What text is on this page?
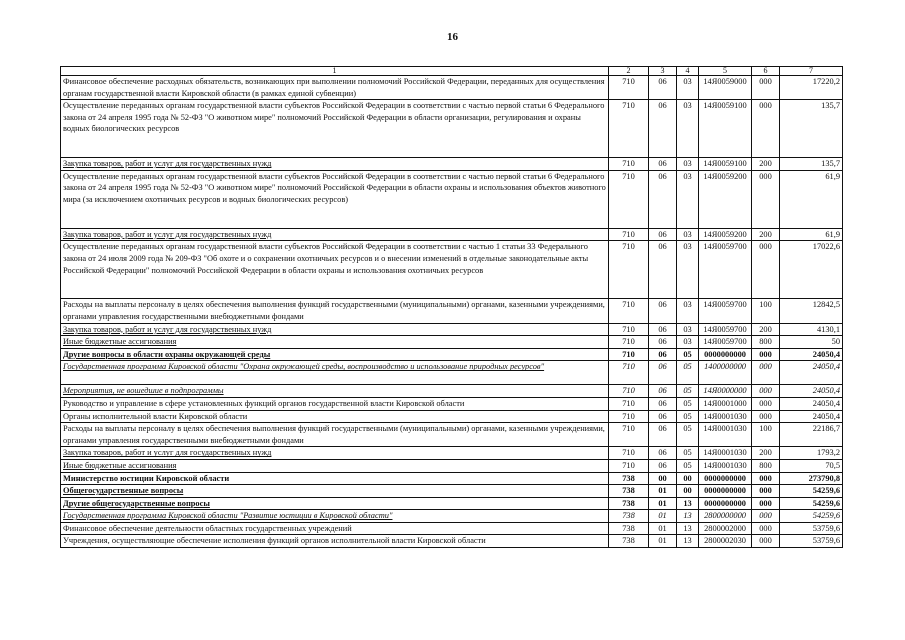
16
1	2	3	4	5	6	7
Финансовое обеспечение расходных обязательств, возникающих при выполнении полномочий Российской Федерации, переданных для осуществления органам государственной власти Кировской области (в рамках единой субвенции)	710	06	03	14Я0059000	000	17220,2
Осуществление переданных органам государственной власти субъектов Российской Федерации в соответствии с частью первой статьи 6 Федерального закона от 24 апреля 1995 года № 52-ФЗ "О животном мире" полномочий Российской Федерации в области организации, регулирования и охраны водных биологических ресурсов	710	06	03	14Я0059100	000	135,7
Закупка товаров, работ и услуг для государственных нужд	710	06	03	14Я0059100	200	135,7
Осуществление переданных органам государственной власти субъектов Российской Федерации в соответствии с частью первой статьи 6 Федерального закона от 24 апреля 1995 года № 52-ФЗ "О животном мире" полномочий Российской Федерации в области охраны и использования объектов животного мира (за исключением охотничьих ресурсов и водных биологических ресурсов)	710	06	03	14Я0059200	000	61,9
Закупка товаров, работ и услуг для государственных нужд	710	06	03	14Я0059200	200	61,9
Осуществление переданных органам государственной власти субъектов Российской Федерации в соответствии с частью 1 статьи 33 Федерального закона от 24 июля 2009 года № 209-ФЗ "Об охоте и о сохранении охотничьих ресурсов и о внесении изменений в отдельные законодательные акты Российской Федерации" полномочий Российской Федерации в области охраны и использования охотничьих ресурсов	710	06	03	14Я0059700	000	17022,6
Расходы на выплаты персоналу в целях обеспечения выполнения функций государственными (муниципальными) органами, казенными учреждениями, органами управления государственными внебюджетными фондами	710	06	03	14Я0059700	100	12842,5
Закупка товаров, работ и услуг для государственных нужд	710	06	03	14Я0059700	200	4130,1
Иные бюджетные ассигнования	710	06	03	14Я0059700	800	50
Другие вопросы в области охраны окружающей среды	710	06	05	0000000000	000	24050,4
Государственная программа Кировской области "Охрана окружающей среды, воспроизводство и использование природных ресурсов"	710	06	05	1400000000	000	24050,4
Мероприятия, не вошедшие в подпрограммы	710	06	05	14Я0000000	000	24050,4
Руководство и управление в сфере установленных функций органов государственной власти Кировской области	710	06	05	14Я0001000	000	24050,4
Органы исполнительной власти Кировской области	710	06	05	14Я0001030	000	24050,4
Расходы на выплаты персоналу в целях обеспечения выполнения функций государственными (муниципальными) органами, казенными учреждениями, органами управления государственными внебюджетными фондами	710	06	05	14Я0001030	100	22186,7
Закупка товаров, работ и услуг для государственных нужд	710	06	05	14Я0001030	200	1793,2
Иные бюджетные ассигнования	710	06	05	14Я0001030	800	70,5
Министерство юстиции Кировской области	738	00	00	0000000000	000	273790,8
Общегосударственные вопросы	738	01	00	0000000000	000	54259,6
Другие общегосударственные вопросы	738	01	13	0000000000	000	54259,6
Государственная программа Кировской области "Развитие юстиции в Кировской области"	738	01	13	2800000000	000	54259,6
Финансовое обеспечение деятельности областных государственных учреждений	738	01	13	2800002000	000	53759,6
Учреждения, осуществляющие обеспечение исполнения функций органов исполнительной власти Кировской области	738	01	13	2800002030	000	53759,6
